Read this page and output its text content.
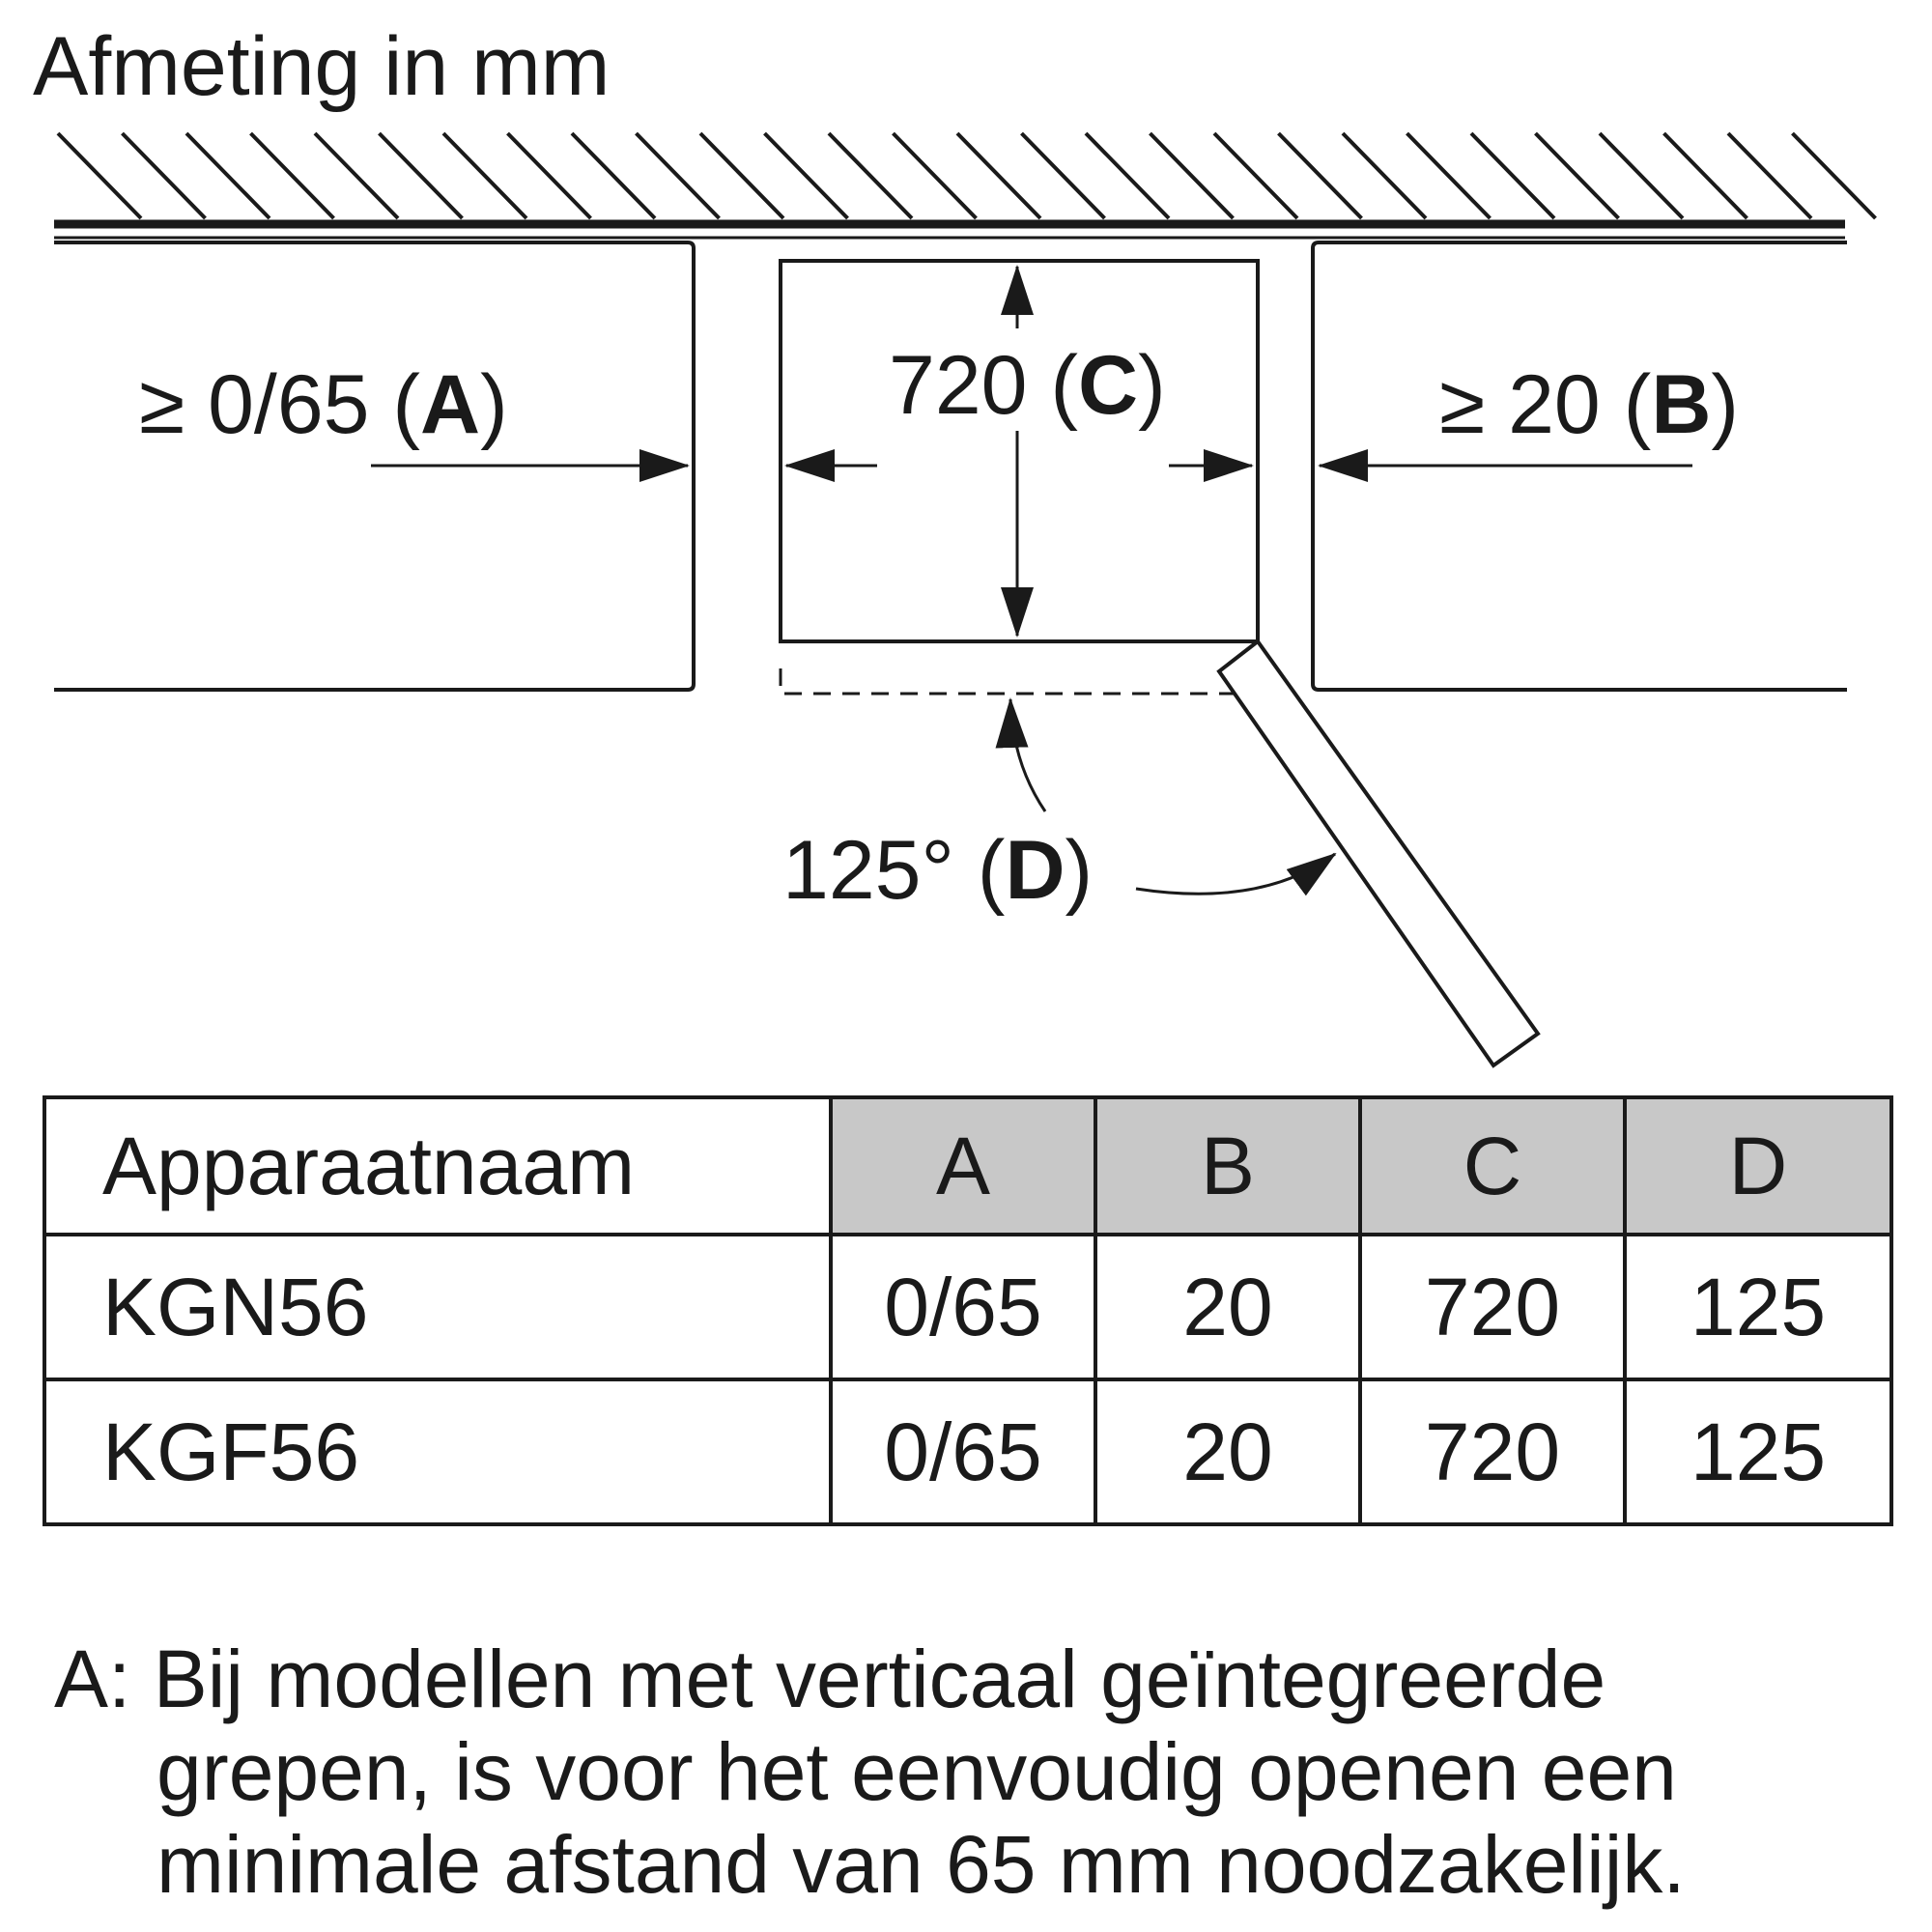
Afmeting in mm
≥ 0/65 (A)	≥ 20 (B)
720 (C)
125° (D)
Apparaatnaam	A	B	C	D
KGN56	0/65	20	720	125
KGF56	0/65	20	720	125
A: Bij modellen met verticaal geïntegreerde
grepen, is voor het eenvoudig openen een minimale afstand van 65 mm noodzakelijk.
